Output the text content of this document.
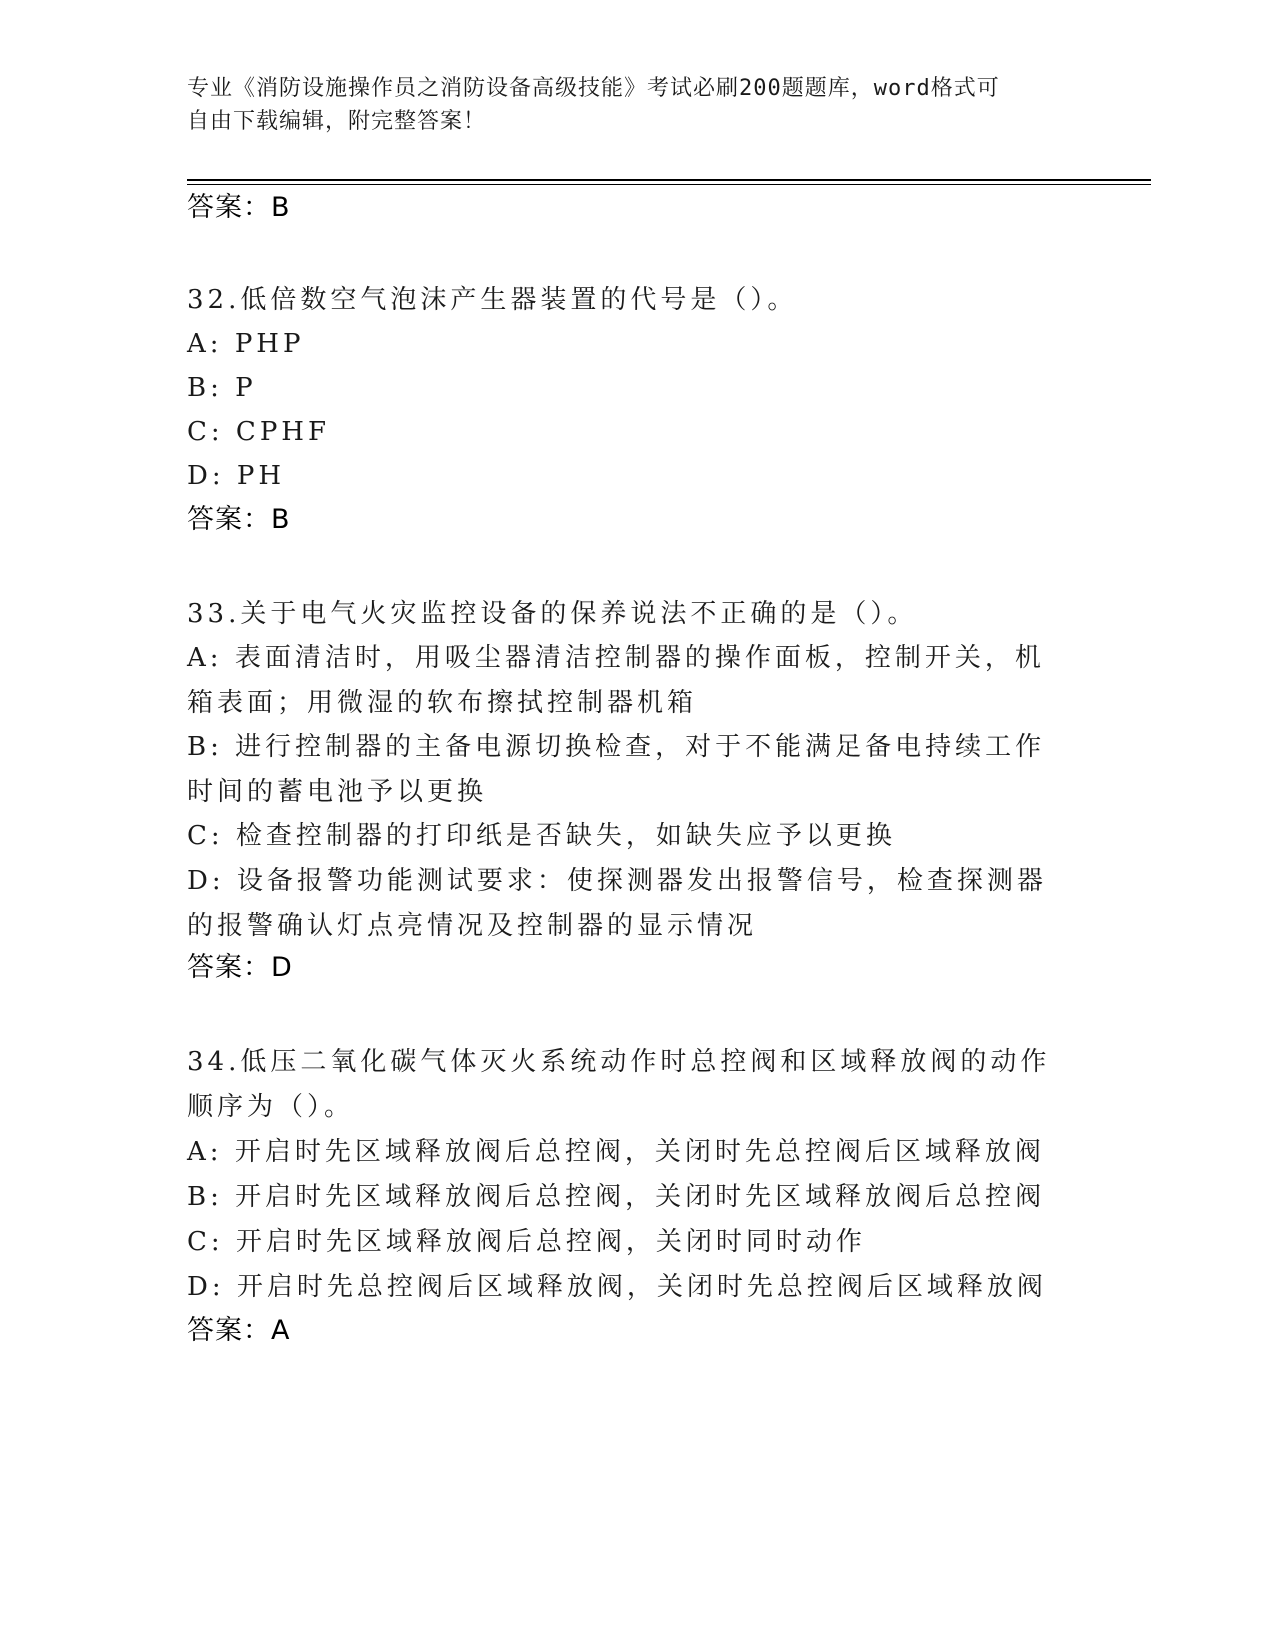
专业《消防设施操作员之消防设备高级技能》考试必刷200题题库，word格式可
自由下载编辑，附完整答案！
答案：B
32.低倍数空气泡沫产生器装置的代号是（）。
A: PHP
B: P
C: CPHF
D: PH
答案：B
33.关于电气火灾监控设备的保养说法不正确的是（）。
A: 表面清洁时，用吸尘器清洁控制器的操作面板，控制开关，机箱表面；用微湿的软布擦拭控制器机箱
B: 进行控制器的主备电源切换检查，对于不能满足备电持续工作时间的蓄电池予以更换
C: 检查控制器的打印纸是否缺失，如缺失应予以更换
D: 设备报警功能测试要求：使探测器发出报警信号，检查探测器的报警确认灯点亮情况及控制器的显示情况
答案：D
34.低压二氧化碳气体灭火系统动作时总控阀和区域释放阀的动作顺序为（）。
A: 开启时先区域释放阀后总控阀，关闭时先总控阀后区域释放阀
B: 开启时先区域释放阀后总控阀，关闭时先区域释放阀后总控阀
C: 开启时先区域释放阀后总控阀，关闭时同时动作
D: 开启时先总控阀后区域释放阀，关闭时先总控阀后区域释放阀
答案：A
